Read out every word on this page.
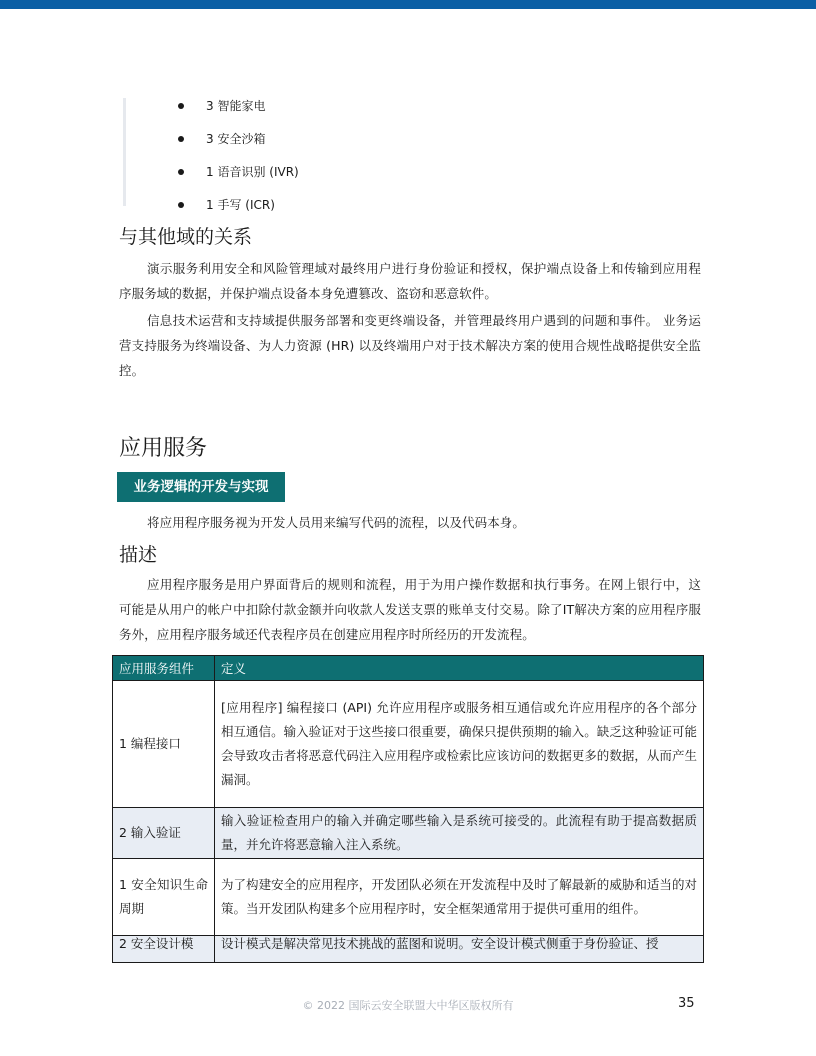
3 智能家电
3 安全沙箱
1 语音识别 (IVR)
1 手写 (ICR)
与其他域的关系

演示服务利用安全和风险管理域对最终用户进行身份验证和授权，保护端点设备上和传输到应用程序服务域的数据，并保护端点设备本身免遭篡改、盗窃和恶意软件。

信息技术运营和支持域提供服务部署和变更终端设备，并管理最终用户遇到的问题和事件。 业务运营支持服务为终端设备、为人力资源 (HR) 以及终端用户对于技术解决方案的使用合规性战略提供安全监控。

应用服务
业务逻辑的开发与实现

将应用程序服务视为开发人员用来编写代码的流程，以及代码本身。

描述

应用程序服务是用户界面背后的规则和流程，用于为用户操作数据和执行事务。在网上银行中，这可能是从用户的帐户中扣除付款金额并向收款人发送支票的账单支付交易。除了IT解决方案的应用程序服务外，应用程序服务域还代表程序员在创建应用程序时所经历的开发流程。

应用服务组件	定义
1 编程接口	[应用程序] 编程接口 (API) 允许应用程序或服务相互通信或允许应用程序的各个部分相互通信。输入验证对于这些接口很重要，确保只提供预期的输入。缺乏这种验证可能会导致攻击者将恶意代码注入应用程序或检索比应该访问的数据更多的数据，从而产生漏洞。
2 输入验证	输入验证检查用户的输入并确定哪些输入是系统可接受的。此流程有助于提高数据质量，并允许将恶意输入注入系统。
1 安全知识生命周期	为了构建安全的应用程序，开发团队必须在开发流程中及时了解最新的威胁和适当的对策。当开发团队构建多个应用程序时，安全框架通常用于提供可重用的组件。
2 安全设计模	设计模式是解决常见技术挑战的蓝图和说明。安全设计模式侧重于身份验证、授
© 2022 国际云安全联盟大中华区版权所有	35
